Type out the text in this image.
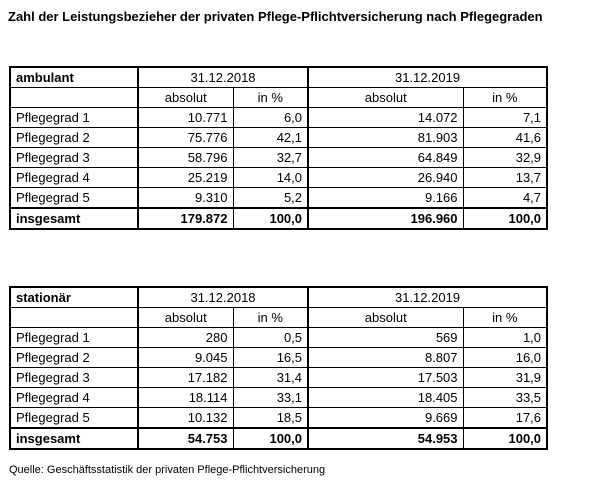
Zahl der Leistungsbezieher der privaten Pflege-Pflichtversicherung nach Pflegegraden
ambulant	31.12.2018		31.12.2019	
	absolut	in %	absolut	in %
Pflegegrad 1	10.771	6,0	14.072	7,1
Pflegegrad 2	75.776	42,1	81.903	41,6
Pflegegrad 3	58.796	32,7	64.849	32,9
Pflegegrad 4	25.219	14,0	26.940	13,7
Pflegegrad 5	9.310	5,2	9.166	4,7
insgesamt	179.872	100,0	196.960	100,0
stationär	31.12.2018		31.12.2019	
	absolut	in %	absolut	in %
Pflegegrad 1	280	0,5	569	1,0
Pflegegrad 2	9.045	16,5	8.807	16,0
Pflegegrad 3	17.182	31,4	17.503	31,9
Pflegegrad 4	18.114	33,1	18.405	33,5
Pflegegrad 5	10.132	18,5	9.669	17,6
insgesamt	54.753	100,0	54.953	100,0
Quelle: Geschäftsstatistik der privaten Pflege-Pflichtversicherung
